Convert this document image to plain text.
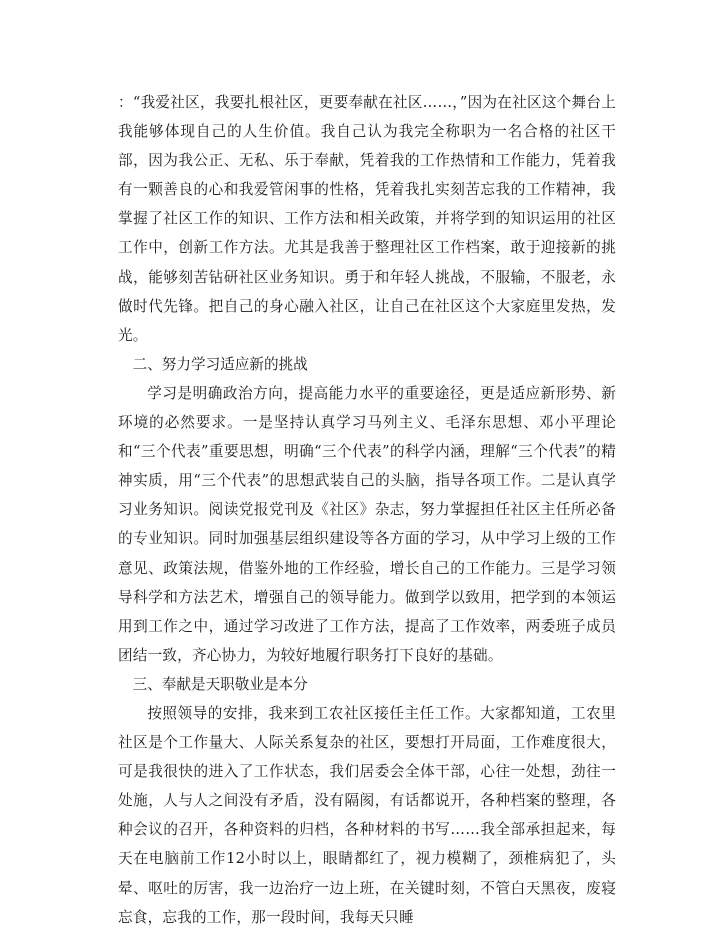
：“我爱社区，我要扎根社区，更要奉献在社区……，”因为在社区这个舞台上我能够体现自己的人生价值。我自己认为我完全称职为一名合格的社区干部，因为我公正、无私、乐于奉献，凭着我的工作热情和工作能力，凭着我有一颗善良的心和我爱管闲事的性格，凭着我扎实刻苦忘我的工作精神，我掌握了社区工作的知识、工作方法和相关政策，并将学到的知识运用的社区工作中，创新工作方法。尤其是我善于整理社区工作档案，敢于迎接新的挑战，能够刻苦钻研社区业务知识。勇于和年轻人挑战，不服输，不服老，永做时代先锋。把自己的身心融入社区，让自己在社区这个大家庭里发热，发光。

二、努力学习适应新的挑战

学习是明确政治方向，提高能力水平的重要途径，更是适应新形势、新环境的必然要求。一是坚持认真学习马列主义、毛泽东思想、邓小平理论和“三个代表”重要思想，明确“三个代表”的科学内涵，理解“三个代表”的精神实质，用“三个代表”的思想武装自己的头脑，指导各项工作。二是认真学习业务知识。阅读党报党刊及《社区》杂志，努力掌握担任社区主任所必备的专业知识。同时加强基层组织建设等各方面的学习，从中学习上级的工作意见、政策法规，借鉴外地的工作经验，增长自己的工作能力。三是学习领导科学和方法艺术，增强自己的领导能力。做到学以致用，把学到的本领运用到工作之中，通过学习改进了工作方法，提高了工作效率，两委班子成员团结一致，齐心协力，为较好地履行职务打下良好的基础。

三、奉献是天职敬业是本分

按照领导的安排，我来到工农社区接任主任工作。大家都知道，工农里社区是个工作量大、人际关系复杂的社区，要想打开局面，工作难度很大，可是我很快的进入了工作状态，我们居委会全体干部，心往一处想，劲往一处施，人与人之间没有矛盾，没有隔阂，有话都说开，各种档案的整理，各种会议的召开，各种资料的归档，各种材料的书写……我全部承担起来，每天在电脑前工作12小时以上，眼睛都红了，视力模糊了，颈椎病犯了，头晕、呕吐的厉害，我一边治疗一边上班，在关键时刻，不管白天黑夜，废寝忘食，忘我的工作，那一段时间，我每天只睡
